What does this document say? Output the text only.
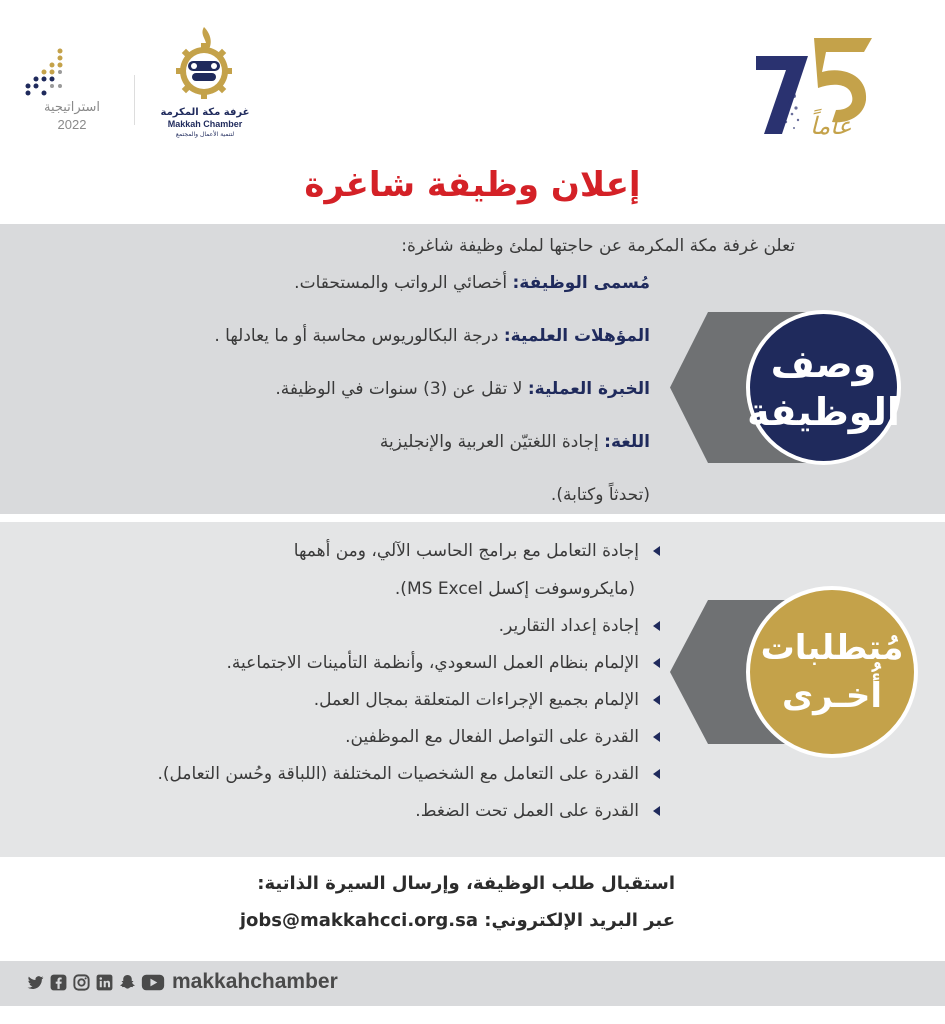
استراتيجية
2022
غرفة مكة المكرمة
Makkah Chamber
لتنمية الأعمال والمجتمع	عاماً
إعلان وظيفة شاغرة
تعلن غرفة مكة المكرمة عن حاجتها لملئ وظيفة شاغرة:
مُسمى الوظيفة: أخصائي الرواتب والمستحقات.
المؤهلات العلمية: درجة البكالوريوس محاسبة أو ما يعادلها .
الخبرة العملية: لا تقل عن (3) سنوات في الوظيفة.
اللغة: إجادة اللغتيّن العربية والإنجليزية
(تحدثاً وكتابة).
وصف
الوظيفة
إجادة التعامل مع برامج الحاسب الآلي، ومن أهمها
(مايكروسوفت إكسل MS Excel).
إجادة إعداد التقارير.
الإلمام بنظام العمل السعودي، وأنظمة التأمينات الاجتماعية.
الإلمام بجميع الإجراءات المتعلقة بمجال العمل.
القدرة على التواصل الفعال مع الموظفين.
القدرة على التعامل مع الشخصيات المختلفة (اللباقة وحُسن التعامل).
القدرة على العمل تحت الضغط.
مُتطلبات
أُخـرى
استقبال طلب الوظيفة، وإرسال السيرة الذاتية:
عبر البريد الإلكتروني: jobs@makkahcci.org.sa
makkahchamber
